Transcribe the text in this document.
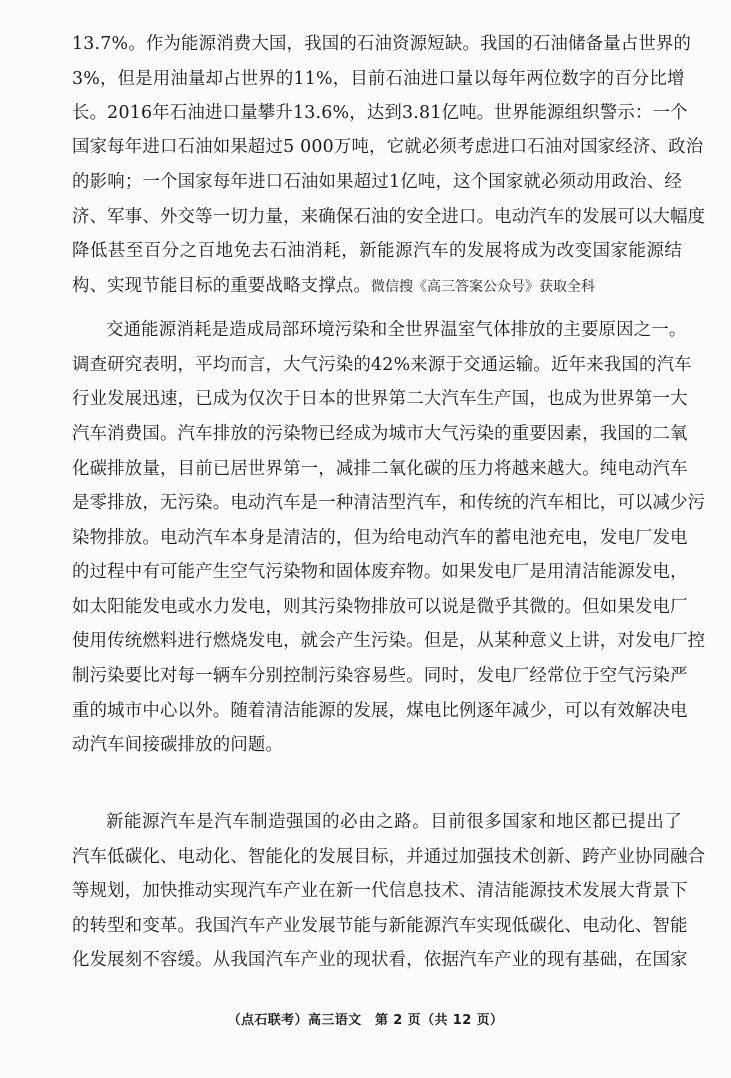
13.7%。作为能源消费大国，我国的石油资源短缺。我国的石油储备量占世界的
3%，但是用油量却占世界的11%，目前石油进口量以每年两位数字的百分比增
长。2016年石油进口量攀升13.6%，达到3.81亿吨。世界能源组织警示：一个
国家每年进口石油如果超过5 000万吨，它就必须考虑进口石油对国家经济、政治
的影响；一个国家每年进口石油如果超过1亿吨，这个国家就必须动用政治、经
济、军事、外交等一切力量，来确保石油的安全进口。电动汽车的发展可以大幅度
降低甚至百分之百地免去石油消耗，新能源汽车的发展将成为改变国家能源结
构、实现节能目标的重要战略支撑点。微信搜《高三答案公众号》获取全科
交通能源消耗是造成局部环境污染和全世界温室气体排放的主要原因之一。
调查研究表明，平均而言，大气污染的42%来源于交通运输。近年来我国的汽车
行业发展迅速，已成为仅次于日本的世界第二大汽车生产国，也成为世界第一大
汽车消费国。汽车排放的污染物已经成为城市大气污染的重要因素，我国的二氧
化碳排放量，目前已居世界第一，减排二氧化碳的压力将越来越大。纯电动汽车
是零排放，无污染。电动汽车是一种清洁型汽车，和传统的汽车相比，可以减少污
染物排放。电动汽车本身是清洁的，但为给电动汽车的蓄电池充电，发电厂发电
的过程中有可能产生空气污染物和固体废弃物。如果发电厂是用清洁能源发电，
如太阳能发电或水力发电，则其污染物排放可以说是微乎其微的。但如果发电厂
使用传统燃料进行燃烧发电，就会产生污染。但是，从某种意义上讲，对发电厂控
制污染要比对每一辆车分别控制污染容易些。同时，发电厂经常位于空气污染严
重的城市中心以外。随着清洁能源的发展，煤电比例逐年减少，可以有效解决电
动汽车间接碳排放的问题。
新能源汽车是汽车制造强国的必由之路。目前很多国家和地区都已提出了
汽车低碳化、电动化、智能化的发展目标，并通过加强技术创新、跨产业协同融合
等规划，加快推动实现汽车产业在新一代信息技术、清洁能源技术发展大背景下
的转型和变革。我国汽车产业发展节能与新能源汽车实现低碳化、电动化、智能
化发展刻不容缓。从我国汽车产业的现状看，依据汽车产业的现有基础，在国家
（点石联考）高三语文　第 2 页（共 12 页）
